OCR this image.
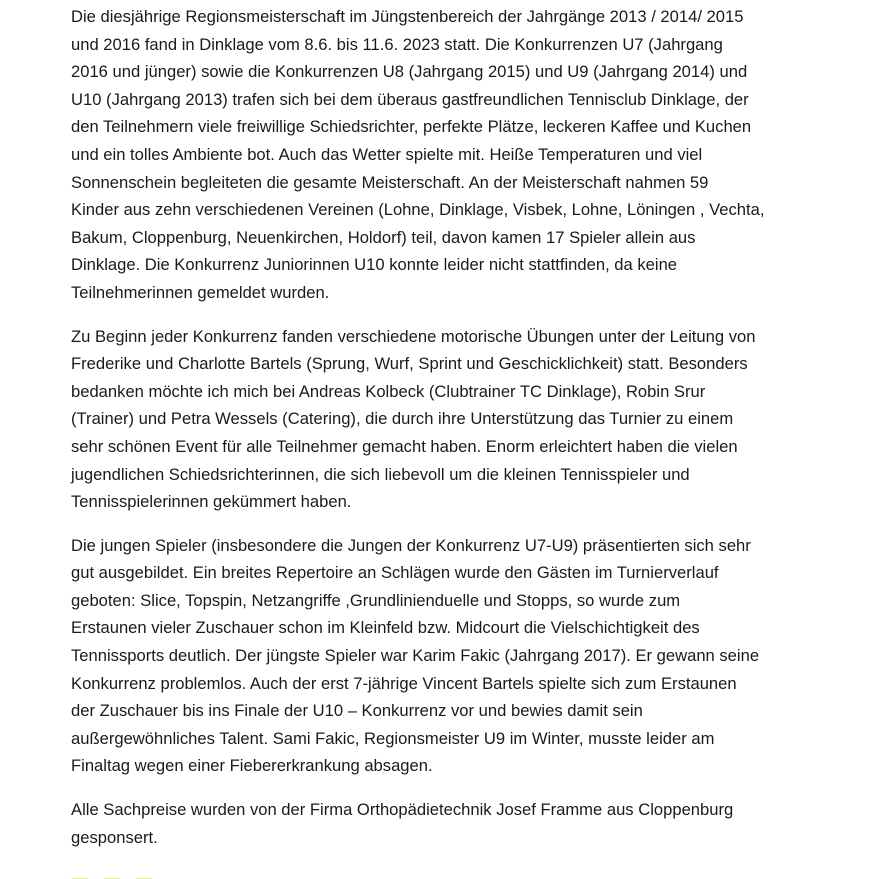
Die diesjährige Regionsmeisterschaft im Jüngstenbereich der Jahrgänge 2013 / 2014/ 2015
und 2016 fand in Dinklage vom 8.6. bis 11.6. 2023 statt. Die Konkurrenzen U7 (Jahrgang
2016 und jünger) sowie die Konkurrenzen U8 (Jahrgang 2015) und U9 (Jahrgang 2014) und
U10 (Jahrgang 2013) trafen sich bei dem überaus gastfreundlichen Tennisclub Dinklage, der
den Teilnehmern viele freiwillige Schiedsrichter, perfekte Plätze, leckeren Kaffee und Kuchen
und ein tolles Ambiente bot. Auch das Wetter spielte mit. Heiße Temperaturen und viel
Sonnenschein begleiteten die gesamte Meisterschaft. An der Meisterschaft nahmen 59
Kinder aus zehn verschiedenen Vereinen (Lohne, Dinklage, Visbek, Lohne, Löningen , Vechta,
Bakum, Cloppenburg, Neuenkirchen, Holdorf) teil, davon kamen 17 Spieler allein aus
Dinklage. Die Konkurrenz Juniorinnen U10 konnte leider nicht stattfinden, da keine
Teilnehmerinnen gemeldet wurden.

Zu Beginn jeder Konkurrenz fanden verschiedene motorische Übungen unter der Leitung von
Frederike und Charlotte Bartels (Sprung, Wurf, Sprint und Geschicklichkeit) statt. Besonders
bedanken möchte ich mich bei Andreas Kolbeck (Clubtrainer TC Dinklage), Robin Srur
(Trainer) und Petra Wessels (Catering), die durch ihre Unterstützung das Turnier zu einem
sehr schönen Event für alle Teilnehmer gemacht haben. Enorm erleichtert haben die vielen
jugendlichen Schiedsrichterinnen, die sich liebevoll um die kleinen Tennisspieler und
Tennisspielerinnen gekümmert haben.

Die jungen Spieler (insbesondere die Jungen der Konkurrenz U7-U9) präsentierten sich sehr
gut ausgebildet. Ein breites Repertoire an Schlägen wurde den Gästen im Turnierverlauf
geboten: Slice, Topspin, Netzangriffe ,Grundlinienduelle und Stopps, so wurde zum
Erstaunen vieler Zuschauer schon im Kleinfeld bzw. Midcourt die Vielschichtigkeit des
Tennissports deutlich. Der jüngste Spieler war Karim Fakic (Jahrgang 2017). Er gewann seine
Konkurrenz problemlos. Auch der erst 7-jährige Vincent Bartels spielte sich zum Erstaunen
der Zuschauer bis ins Finale der U10 – Konkurrenz vor und bewies damit sein
außergewöhnliches Talent. Sami Fakic, Regionsmeister U9 im Winter, musste leider am
Finaltag wegen einer Fiebererkrankung absagen.

Alle Sachpreise wurden von der Firma Orthopädietechnik Josef Framme aus Cloppenburg
gesponsert.
